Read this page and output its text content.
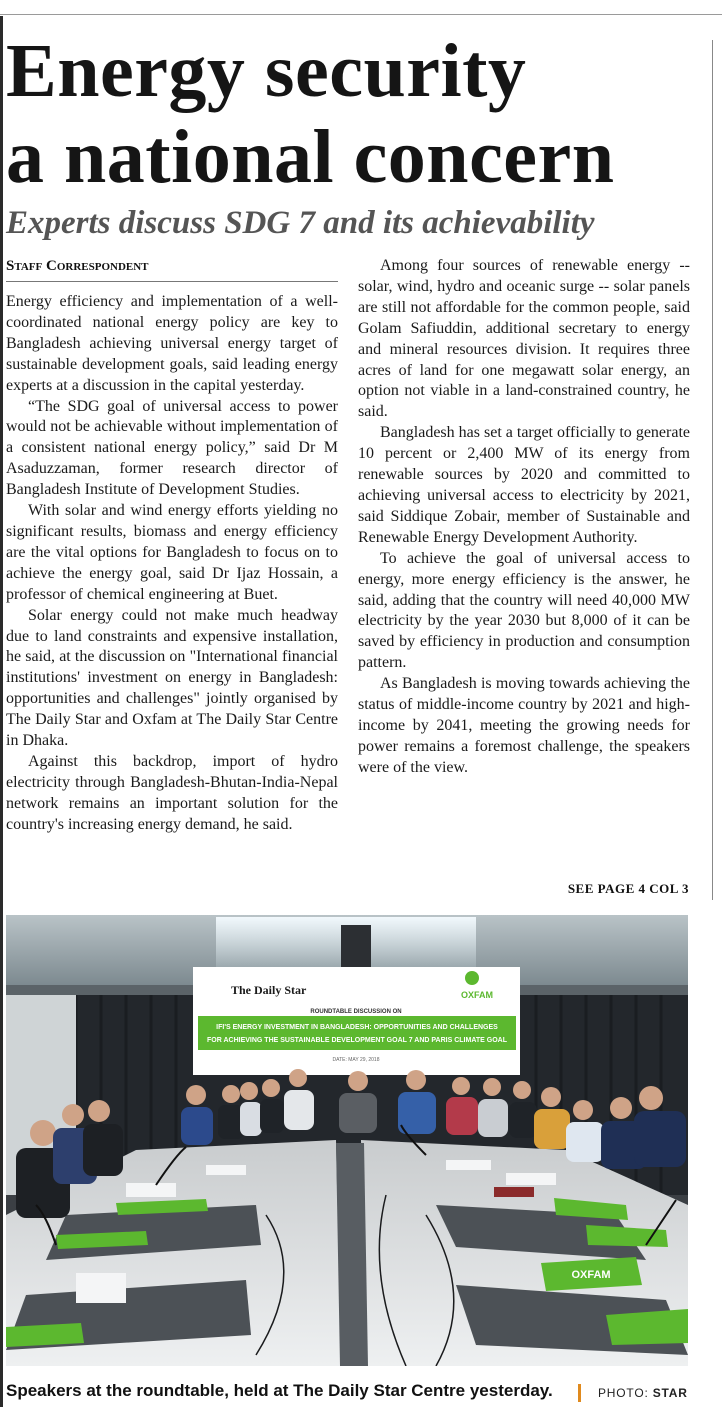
Energy security
a national concern
Experts discuss SDG 7 and its achievability
Staff Correspondent

Energy efficiency and implementation of a well-coordinated national energy policy are key to Bangladesh achieving universal energy target of sustainable development goals, said leading energy experts at a discussion in the capital yesterday.

“The SDG goal of universal access to power would not be achievable without implementation of a consistent national energy policy,” said Dr M Asaduzzaman, former research director of Bangladesh Institute of Development Studies.

With solar and wind energy efforts yielding no significant results, biomass and energy efficiency are the vital options for Bangladesh to focus on to achieve the energy goal, said Dr Ijaz Hossain, a professor of chemical engineering at Buet.

Solar energy could not make much headway due to land constraints and expensive installation, he said, at the discussion on "International financial institutions' investment on energy in Bangladesh: opportunities and challenges" jointly organised by The Daily Star and Oxfam at The Daily Star Centre in Dhaka.

Against this backdrop, import of hydro electricity through Bangladesh-Bhutan-India-Nepal network remains an important solution for the country's increasing energy demand, he said.

Among four sources of renewable energy -- solar, wind, hydro and oceanic surge -- solar panels are still not affordable for the common people, said Golam Safiuddin, additional secretary to energy and mineral resources division. It requires three acres of land for one megawatt solar energy, an option not viable in a land-constrained country, he said.

Bangladesh has set a target officially to generate 10 percent or 2,400 MW of its energy from renewable sources by 2020 and committed to achieving universal access to electricity by 2021, said Siddique Zobair, member of Sustainable and Renewable Energy Development Authority.

To achieve the goal of universal access to energy, more energy efficiency is the answer, he said, adding that the country will need 40,000 MW electricity by the year 2030 but 8,000 of it can be saved by efficiency in production and consumption pattern.

As Bangladesh is moving towards achieving the status of middle-income country by 2021 and high-income by 2041, meeting the growing needs for power remains a foremost challenge, the speakers were of the view.

SEE PAGE 4 COL 3
The Daily Star	OXFAM
ROUNDTABLE DISCUSSION ON
IFI'S ENERGY INVESTMENT IN BANGLADESH: OPPORTUNITIES AND CHALLENGES
FOR ACHIEVING THE SUSTAINABLE DEVELOPMENT GOAL 7 AND PARIS CLIMATE GOAL
DATE: MAY 29, 2018
OXFAM
Speakers at the roundtable, held at The Daily Star Centre yesterday.	PHOTO: STAR
